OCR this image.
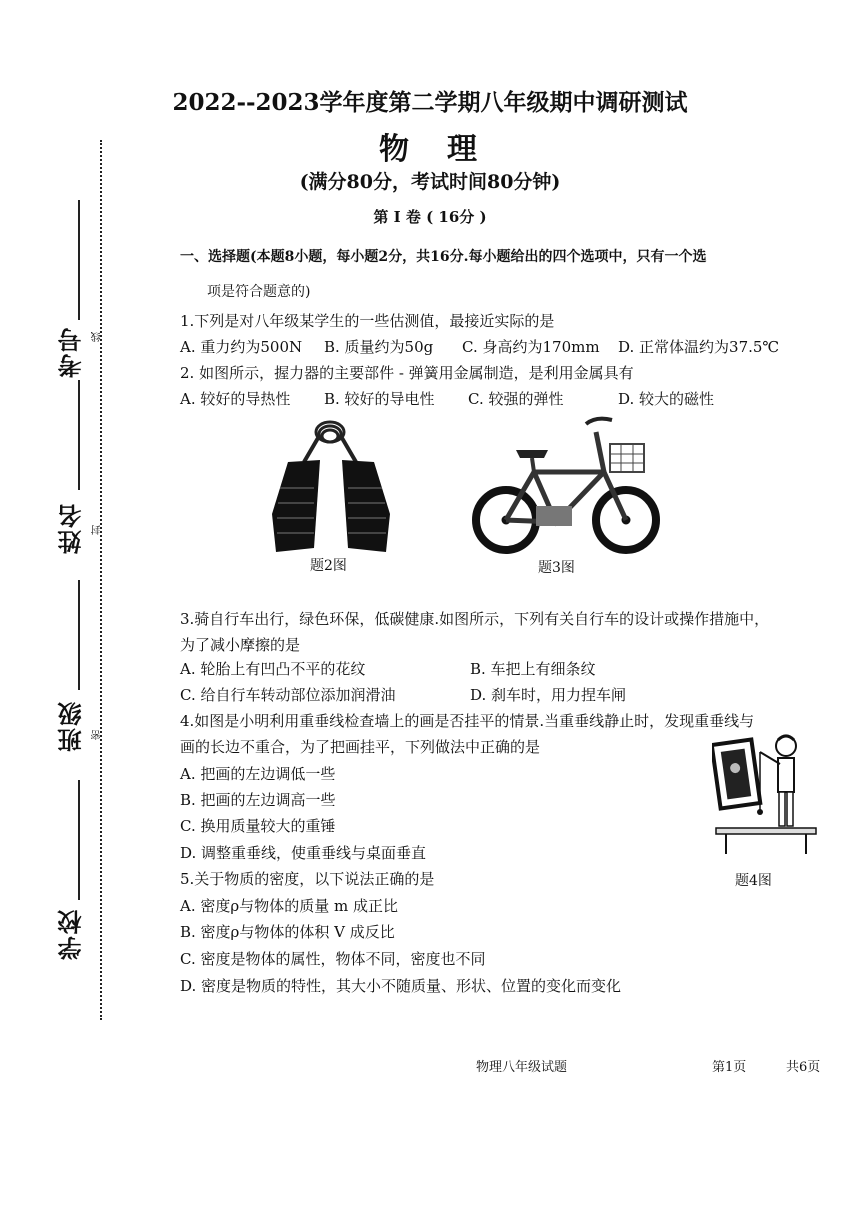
考号 线
姓名 封
班级 密
学校
2022--2023学年度第二学期八年级期中调研测试
物　理
(满分80分，考试时间80分钟)
第 I 卷 ( 16分 )
一、选择题(本题8小题，每小题2分，共16分.每小题给出的四个选项中，只有一个选
项是符合题意的)
1.下列是对八年级某学生的一些估测值，最接近实际的是
A. 重力约为500N B. 质量约为50g C. 身高约为170mm D. 正常体温约为37.5℃
2. 如图所示，握力器的主要部件 - 弹簧用金属制造，是利用金属具有
A. 较好的导热性 B. 较好的导电性 C. 较强的弹性	D. 较大的磁性
题2图	题3图
3.骑自行车出行，绿色环保，低碳健康.如图所示，下列有关自行车的设计或操作措施中，
为了减小摩擦的是
A. 轮胎上有凹凸不平的花纹	B. 车把上有细条纹
C. 给自行车转动部位添加润滑油	D. 刹车时，用力捏车闸
4.如图是小明利用重垂线检查墙上的画是否挂平的情景.当重垂线静止时，发现重垂线与
画的长边不重合，为了把画挂平，下列做法中正确的是
A. 把画的左边调低一些
B. 把画的左边调高一些
C. 换用质量较大的重锤
D. 调整重垂线，使重垂线与桌面垂直
题4图
5.关于物质的密度，以下说法正确的是
A. 密度ρ与物体的质量 m 成正比
B. 密度ρ与物体的体积 V 成反比
C. 密度是物体的属性，物体不同，密度也不同
D. 密度是物质的特性，其大小不随质量、形状、位置的变化而变化
物理八年级试题	第1页	共6页
